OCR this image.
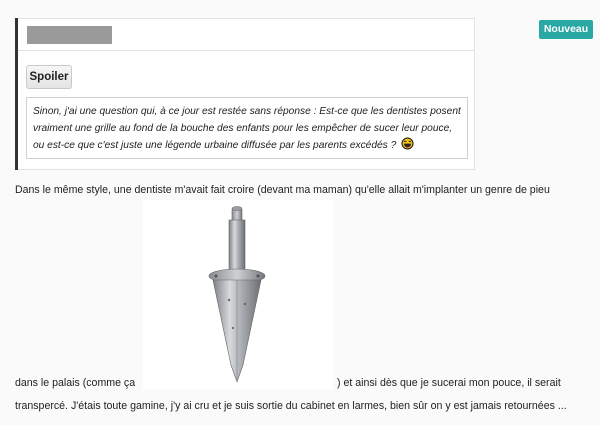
Nouveau
Spoiler
Sinon, j'ai une question qui, à ce jour est restée sans réponse : Est-ce que les dentistes posent vraiment une grille au fond de la bouche des enfants pour les empêcher de sucer leur pouce, ou est-ce que c'est juste une légende urbaine diffusée par les parents excédés ?
Dans le même style, une dentiste m'avait fait croire (devant ma maman) qu'elle allait m'implanter un genre de pieu
dans le palais (comme ça	) et ainsi dès que je sucerai mon pouce, il serait
transpercé. J'étais toute gamine, j'y ai cru et je suis sortie du cabinet en larmes, bien sûr on y est jamais retournées ...
